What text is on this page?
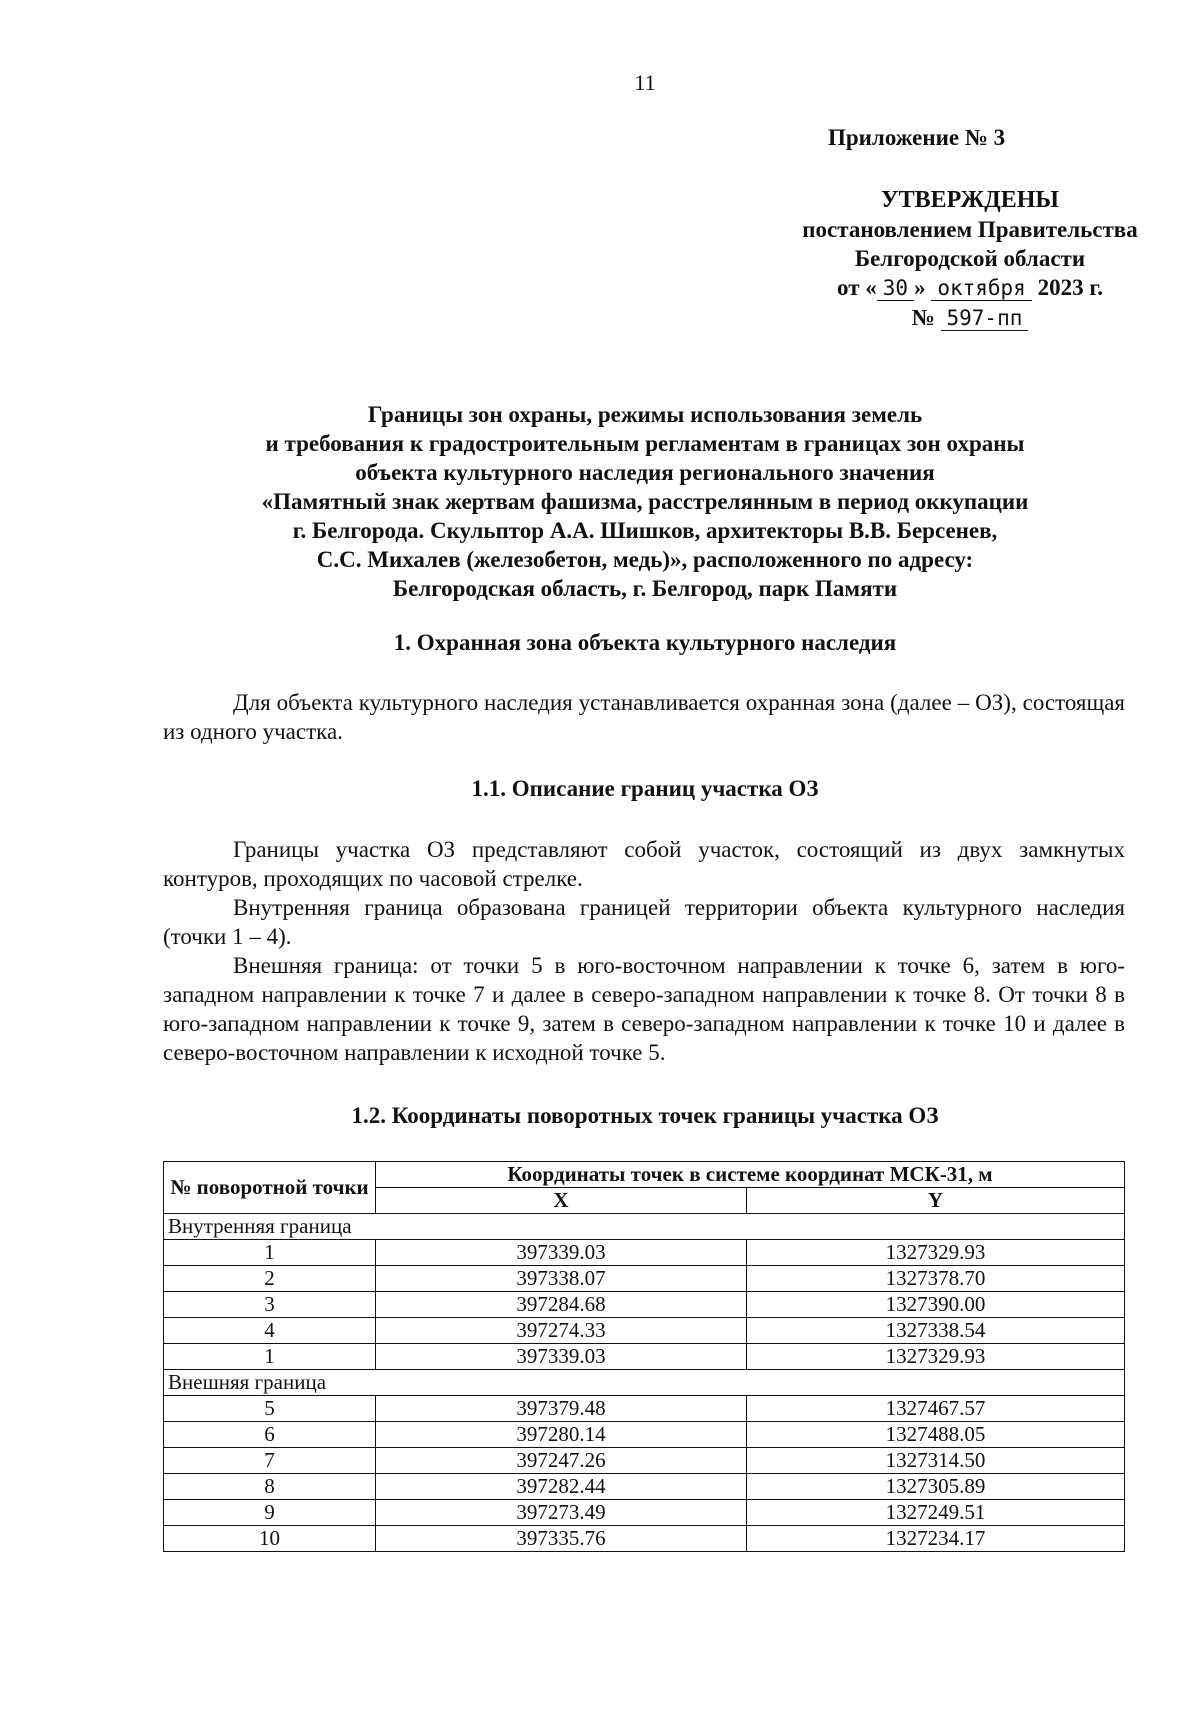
11
Приложение № 3
УТВЕРЖДЕНЫ
постановлением Правительства
Белгородской области
от « 30 » октября 2023 г.
№ 597-пп
Границы зон охраны, режимы использования земель
и требования к градостроительным регламентам в границах зон охраны
объекта культурного наследия регионального значения
«Памятный знак жертвам фашизма, расстрелянным в период оккупации
г. Белгорода. Скульптор А.А. Шишков, архитекторы В.В. Берсенев,
С.С. Михалев (железобетон, медь)», расположенного по адресу:
Белгородская область, г. Белгород, парк Памяти
1. Охранная зона объекта культурного наследия
Для объекта культурного наследия устанавливается охранная зона (далее – ОЗ), состоящая из одного участка.
1.1. Описание границ участка ОЗ

Границы участка ОЗ представляют собой участок, состоящий из двух замкнутых контуров, проходящих по часовой стрелке.

Внутренняя граница образована границей территории объекта культурного наследия (точки 1 – 4).

Внешняя граница: от точки 5 в юго-восточном направлении к точке 6, затем в юго-западном направлении к точке 7 и далее в северо-западном направлении к точке 8. От точки 8 в юго-западном направлении к точке 9, затем в северо-западном направлении к точке 10 и далее в северо-восточном направлении к исходной точке 5.

1.2. Координаты поворотных точек границы участка ОЗ
№ поворотной точки	Координаты точек в системе координат МСК-31, м	
	X	Y
Внутренняя граница		
1	397339.03	1327329.93
2	397338.07	1327378.70
3	397284.68	1327390.00
4	397274.33	1327338.54
1	397339.03	1327329.93
Внешняя граница		
5	397379.48	1327467.57
6	397280.14	1327488.05
7	397247.26	1327314.50
8	397282.44	1327305.89
9	397273.49	1327249.51
10	397335.76	1327234.17
